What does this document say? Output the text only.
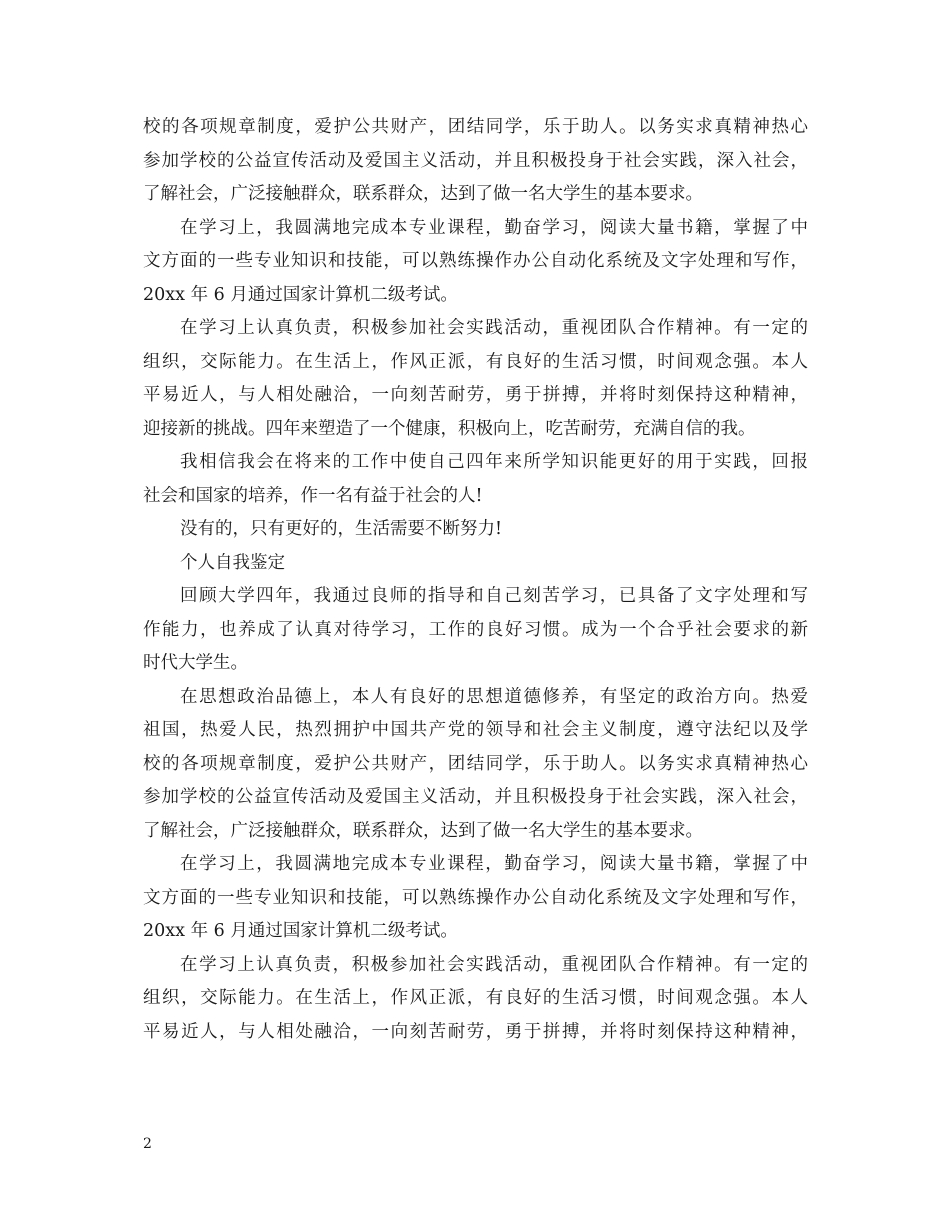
校的各项规章制度，爱护公共财产，团结同学，乐于助人。以务实求真精神热心
参加学校的公益宣传活动及爱国主义活动，并且积极投身于社会实践，深入社会，
了解社会，广泛接触群众，联系群众，达到了做一名大学生的基本要求。
在学习上，我圆满地完成本专业课程，勤奋学习，阅读大量书籍，掌握了中
文方面的一些专业知识和技能，可以熟练操作办公自动化系统及文字处理和写作，
20xx 年 6 月通过国家计算机二级考试。
在学习上认真负责，积极参加社会实践活动，重视团队合作精神。有一定的
组织，交际能力。在生活上，作风正派，有良好的生活习惯，时间观念强。本人
平易近人，与人相处融洽，一向刻苦耐劳，勇于拼搏，并将时刻保持这种精神，
迎接新的挑战。四年来塑造了一个健康，积极向上，吃苦耐劳，充满自信的我。
我相信我会在将来的工作中使自己四年来所学知识能更好的用于实践，回报
社会和国家的培养，作一名有益于社会的人!
没有的，只有更好的，生活需要不断努力!
个人自我鉴定
回顾大学四年，我通过良师的指导和自己刻苦学习，已具备了文字处理和写
作能力，也养成了认真对待学习，工作的良好习惯。成为一个合乎社会要求的新
时代大学生。
在思想政治品德上，本人有良好的思想道德修养，有坚定的政治方向。热爱
祖国，热爱人民，热烈拥护中国共产党的领导和社会主义制度，遵守法纪以及学
校的各项规章制度，爱护公共财产，团结同学，乐于助人。以务实求真精神热心
参加学校的公益宣传活动及爱国主义活动，并且积极投身于社会实践，深入社会，
了解社会，广泛接触群众，联系群众，达到了做一名大学生的基本要求。
在学习上，我圆满地完成本专业课程，勤奋学习，阅读大量书籍，掌握了中
文方面的一些专业知识和技能，可以熟练操作办公自动化系统及文字处理和写作，
20xx 年 6 月通过国家计算机二级考试。
在学习上认真负责，积极参加社会实践活动，重视团队合作精神。有一定的
组织，交际能力。在生活上，作风正派，有良好的生活习惯，时间观念强。本人
平易近人，与人相处融洽，一向刻苦耐劳，勇于拼搏，并将时刻保持这种精神，
2
